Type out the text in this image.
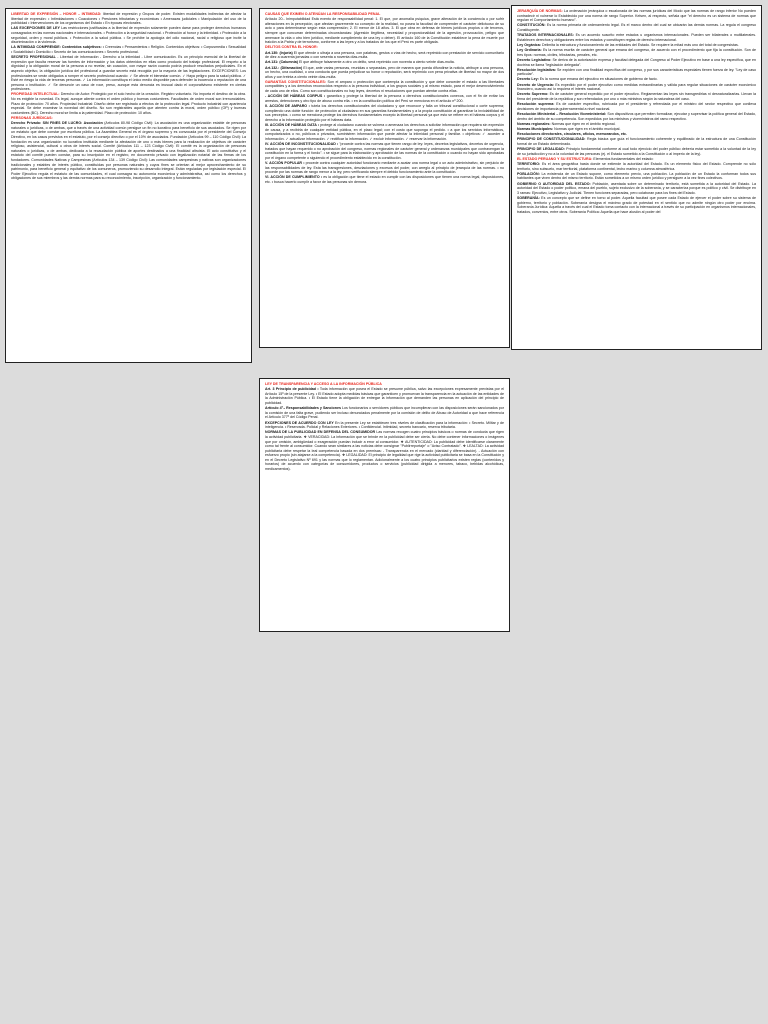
LIBERTAD DE EXPRESIÓN – HONOR – INTIMIDAD: libertad de expresión y Grupos de poder. Existen modalidades indirectas de afectar la libertad de expresión: • Intimidaciones • Coacciones • Presiones tributarias y económicas • Amenazas judiciales • Manipulación del uso de la publicidad • Intervenciones de los organismos del Estado • En épocas electorales.

LAS EXCEPCIONES DE LEY Las restricciones justificadas a la libertad de expresión solamente pueden darse para proteger derechos humanos consagrados en las normas nacionales e internacionales. • Protección a la seguridad nacional. • Protección al honor y la intimidad. • Protección a la seguridad, orden y moral públicos. • Protección a la salud pública. • Se prohíbe la apología del odio nacional, racial o religioso que incite la discriminación o la violencia.

LA INTIMIDAD COMPRENDE: Contenidos subjetivos: • Creencias • Pensamientos • Religión. Contenidos objetivos: • Corpusmedia • Sexualidad • Sociabilidad • Domicilio • Secreto de las comunicaciones • Secreto profesional.

SECRETO PROFESIONAL - Libertad de información - Derecho a la intimidad - Libre comunicación. Es un principio esencial de la libertad de expresión que faculta reservar las fuentes de información y los datos obtenidos en ellas como producto del trabajo profesional. El respeto a la dignidad y la obligación moral de la persona a no revelar, sin coacción, con mayor razón cuando podría producir resultados perjudiciales. En el aspecto objetivo, la obligación jurídica del profesional a guardar secreto está recogida por la mayoría de las legislaciones. EXCEPCIONES: Los profesionales se verán obligados a romper el secreto profesional cuando: ✓ Se afecte el bienestar común. ✓ Haya peligro para la salud pública. ✓ Esté en riesgo la vida de terceras personas. ✓ La información constituya el único medio disponible para defender la inocencia o reputación de una persona o institución. ✓ Se denuncie un caso de roce, preso, aunque esta denuncia es inusual dado el corporativismo existente en ciertas profesiones.

PROPIEDAD INTELECTUAL: Derecho de Autor: Protegido por el solo hecho de la creación. Registro voluntario. No importa el destino de la obra. No es exigible la novedad. Es legal, aunque aliente contra el orden público y buenas costumbres. Facultades de orden moral son irrenunciables. Plazo de protección: 70 años. Propiedad Industrial: Diseño debe ser registrado a efectos de la protección legal. Producto industrial con apariencia especial. Se debe examinar la novedad del diseño. No son registrables aquella que atenten contra la moral, orden público (OP) y buenas costumbres (BC). Derecho moral se limita a la paternidad. Plazo de protección: 10 años.

PERSONAS JURÍDICAS:

Derecho Privado: SIN FINES DE LUCRO: Asociación (Artículos 80-98 Código Civil): La asociación es una organización estable de personas naturales o jurídicas, o de ambas, que a través de una actividad común persigue un fin no lucrativo para beneficio de sus asociados. Se rigen por un estatuto que debe constar por escritura pública. La Asamblea General es el órgano supremo y es convocada por el presidente del Consejo Directivo, en los casos previstos en el estatuto, por el consejo directivo o por el 10% de asociados. Fundación (Artículos 99 – 110 Código Civil): La fundación es una organización no lucrativa instituida mediante la afectación de uno o más bienes para la realización de objetivos de carácter religioso, asistencial, cultural u otros de interés social. Comité (Artículos 111 – 123 Código Civil): El comité es la organización de personas naturales o jurídicas, o de ambas, dedicada a la recaudación pública de aportes destinados a una finalidad altruista. El acto constitutivo y el estatuto del comité pueden constar, para su inscripción en el registro, en documento privado con legalización notarial de las firmas de los fundadores. Comunidades Nativas y Campesinas (Artículos 134 – 139 Código Civil): Las comunidades campesinas y nativas son organizaciones tradicionales y estables de interés público, constituidas por personas naturales y cuyos fines se orientan al mejor aprovechamiento de su patrimonio, para beneficio general y equitativo de los comuneros, promoviendo su desarrollo integral. Están reguladas por legislación especial. El Poder Ejecutivo regula el estatuto de las comunidades, el cual consagra su autonomía económica y administrativa, así como los derechos y obligaciones de sus miembros y las demás normas para su reconocimiento, inscripción, organización y funcionamiento.

CAUSAS QUE EXIMEN O ATENÚAN LA RESPONSABILIDAD PENAL

Artículo 20.- Inimputabilidad Está exento de responsabilidad penal: 1. El que, por anomalía psíquica, grave alteración de la conciencia o por sufrir alteraciones en la percepción, que afectan gravemente su concepto de la realidad, no posea la facultad de comprender el carácter delictuoso de su acto o para determinarse según esta comprensión; 2. El menor de 18 años. 3. El que obra en defensa de bienes jurídicos propios o de terceros, siempre que concurran determinadas circunstancias: (Agresión ilegítima, necesidad y proporcionalidad de la agresión, provocación, peligro que amenace la vida o otro bien jurídico, mediante cumplimiento de una ley o deber). El artículo 160 de la Constitución establece la pena de muerte por traición a la Patria y de terrorismo, conforme a las leyes y a los tratados de los que el Perú es parte obligada.

DELITOS CONTRA EL HONOR:

Art.130: (Injuria) El que ofende o ultraja a una persona, con palabras, gestos o vías de hecho, será reprimido con prestación de servicio comunitario de diez a cuarenta jornadas o con sesenta a noventa días-multa.

Art.131: (Calumnia) El que atribuye falsamente a otro un delito, será reprimido con noventa a ciento veinte días-multa.

Art.132.: (Difamación) El que, ante varias personas, reunidas o separadas, pero de manera que pueda difundirse la noticia, atribuye a una persona, un hecho, una cualidad, o una conducta que pueda perjudicar su honor o reputación, será reprimido con pena privativa de libertad no mayor de dos años y con treinta a ciento veinte días-multa.

GARANTÍAS CONSTITUCIONALES: Son el amparo o protección que contempla la constitución y que debe conceder el estado a las libertades compatibles y a los derechos reconocidos respecto a la persona individual, a los grupos sociales y al mismo estado, para el mejor desenvolvimiento de cada uno de ellos. Como son constitucionales no hay leyes, decretos ni resoluciones que puedan atentar contra ellas.

- ACCIÓN DE HÁBEAS CORPUS • garantiza y protege la libertad de la persona o derechos constitucionales conexos, con el fin de evitar los arrestos, detenciones y otro tipo de abuso contra ella. • en la constitución política del Perú se menciona en el artículo nº 200.

II. ACCIÓN DE AMPARO • tutela los derechos constitucionales del ciudadano y que reconoce y falla un tribunal constitucional o corte suprema; cumpliendo una doble función: de protección al ciudadano en sus garantías fundamentales y a la propia constitución al garantizar la inviolabilidad de sus preceptos. • como se menciona protege los derechos fundamentales excepto la libertad personal ya que esto se refiere en el hábeas corpus y el derecho a la información protegido por el hábeas data.

III. ACCIÓN DE HÁBEAS DATA • protege al ciudadano cuando se vulnera o amenaza los derechos a solicitar información que requiera sin expresión de causa, y a recibirla de cualquier entidad pública, en el plazo legal; con el costo que suponga el pedido. • a que los servicios informáticos, computarizados o no, públicos o privados, suministren información que puede afectar la intimidad personal y familiar. • objetivos: ✓ acceder a información. ✓ actualizar información. ✓ rectificar la información. ✓ excluir información. ✓ reservar la información.

IV. ACCIÓN DE INCONSTITUCIONALIDAD • "procede contra las normas que tienen rango de ley: leyes, decretos legislativos, decretos de urgencia, tratados que hayan requerido o no aprobación del congreso, normas regionales de carácter general y ordenanzas municipales que contravengan la constitución en la forma y el fondo". • se sigue para la elaboración y aprobación de las normas de la constitución o cuando no hayan sido aprobadas por el órgano competente o siguiendo el procedimiento establecido en la constitución.

V. ACCIÓN POPULAR • procede contra cualquier autoridad funcionario mediante a acatar una norma legal o un acto administrativo, sin perjuicio de las responsabilidades de ley. Esta las transgresiones, desviaciones y excesos del poder, con arreglo al principio de jerarquía de las normas. • no procede por las normas de rango menor a la ley, pero verificando siempre el debido funcionamiento ante la constitución.

VI. ACCIÓN DE CUMPLIMIENTO • es la obligación que tiene el estado en cumplir con las disposiciones que tienen una norma legal, disposiciones, etc. • busca hacerlo cumplir a favor de las personas sin demora.

LEY DE TRANSPARENCIA Y ACCESO A LA INFORMACIÓN PÚBLICA

Art. 3 Principio de publicidad • Toda información que posea el Estado se presume pública, salvo las excepciones expresamente previstas por el Artículo 15º de la presente Ley. • El Estado adopta medidas básicas que garanticen y promuevan la transparencia en la actuación de las entidades de la Administración Pública. • El Estado tiene la obligación de entregar la información que demanden las personas en aplicación del principio de publicidad.

Artículo 4º.- Responsabilidades y Sanciones Los funcionarios o servidores públicos que incumplieran con las disposiciones serán sancionados por la comisión de una falta grave, pudiendo ser incluso denunciados penalmente por la comisión de delito de Abuso de Autoridad a que hace referencia el Artículo 377º del Código Penal.

EXCEPCIONES DE ACUERDO CON LEY En la presente Ley se establecen tres niveles de clasificación para la información: • Secreto. Militar y de inteligencia. • Reservada. Policial y Relaciones Exteriores. • Confidencial. Intimidad, secreto bancario, reserva tributaria.

NORMAS DE LA PUBLICIDAD EN DEFENSA DEL CONSUMIDOR Las normas recogen cuatro principios básicos o normas de conducta que rigen la actividad publicitaria. ❖ VERACIDAD: La información que se brinde en la publicidad debe ser cierta. No debe contener informaciones o imágenes que por omisión, ambigüedad o exageración puedan inducir a error al consumidor. ❖ AUTENTICIDAD: La publicidad debe identificarse claramente como tal frente al consumidor. Cuando sean similares a las noticias debe consignar "Publirreportaje" o "Aviso Contratado". ❖ LEALTAD: La actividad publicitaria debe respetar la leal competencia basada en dos premisas: - Transparencia en el mercado (claridad y diferenciación). - Actuación con esfuerzo propio (sin atajarse a la competencia). ❖ LEGALIDAD: El principio de legalidad que rige la actividad publicitaria se basa en la Constitución y en el Decreto Legislativo Nº 691 y las normas que lo reglamentan. Adicionalmente a los cuatro principios publicitarios existen reglas (contenidos y horarios) de acuerdo con categorías de consumidores, productos o servicios (publicidad dirigida a menores, tabaco, bebidas alcohólicas, medicamentos).

JERARQUÍA DE NORMAS: La ordenación jerárquica o escalonada de las normas jurídicas del Modo que las normas de rango inferior No pueden contradecir ni vulnerar lo Establecido por una norma de rango Superior. Kelsen, al respecto, señala que "el derecho es un sistema de normas que regulan el Comportamiento humano".

CONSTITUCIÓN: Es la norma primaria de ordenamiento legal. Es el marco dentro del cual se ubicarán las demás normas. La regula el congreso Constituyente.

TRATADOS INTERNACIONALES: Es un acuerdo suscrito entre estados u organismos internacionales. Pueden ser bilaterales o multilaterales. Establecen derechos y obligaciones entre los estados y constituyen reglas de derecho internacional.

Ley Orgánica: Delimita la estructura y funcionamiento de las entidades del Estado. Se requiere la mitad más uno del total de congresistas.

Ley Ordinaria: Es la norma escrita de carácter general que emana del congreso, de acuerdo con el procedimiento que fija la constitución. Son de tres tipos: normas, civiles, tributarias, penales, etc.

Decreto Legislativo: Se deriva de la autorización expresa y facultad delegada del Congreso al Poder Ejecutivo en base a una ley específica, que en doctrina se llama "legislación delegada".

Resolución legislativa: Se expiden con una finalidad específica del congreso, y por sus características especiales tienen fuerza de ley. "Ley de caso particular".

Decreto Ley: Es la norma que emana del ejecutivo en situaciones de gobierno de facto.

Decreto de Urgencia: Es expedido por el poder ejecutivo como medidas extraordinarias y válida para regular situaciones de carácter económico financiero, cuando así lo requiera el interés nacional.

Decreto Supremo: Es de carácter general expedido por el poder ejecutivo. Reglamentan las leyes sin transgredirlas ni desnaturalizarlas. Llevan la firma del presidente de la república y son refrendados por uno o más ministros según la naturaleza del caso.

Resolución suprema: Es de carácter específico, rubricada por el presidente y refrendada por el ministro del sector respectivo que conlleva decisiones de importancia gubernamental a nivel nacional.

Resolución Ministerial – Resolución Viceministerial: Son dispositivos que permiten formalizar, ejecutar y supervisar la política general del Estado, dentro del ámbito de su competencia. Son expedidos por los ministros y viceministros del ramo respectivo.

Normas regionales: Normas que rigen en el ámbito regional.

Normas Municipales: Normas que rigen en el ámbito municipal.

Resoluciones directorales, circulares, oficios, memorandos, etc.

PRINCIPIO DE CONSTITUCIONALIDAD: Regla básica que guía el funcionamiento coherente y equilibrado de la estructura de una Constitución formal de un Estado determinado.

PRINCIPIO DE LEGALIDAD: Principio fundamental conforme al cual todo ejercicio del poder público debería estar sometido a la voluntad de la ley de su jurisdicción y no a la voluntad de las personas (ej. el Estado sometido a la Constitución o al imperio de la ley).

EL ESTADO PERUANO Y SU ESTRUCTURA: Elementos fundamentales del estado:

TERRITORIO: Es el área geográfica hasta donde se extiende la autoridad del Estado. Es un elemento físico del Estado. Comprende no sólo territorio, sino subsuelo, mar territorial, plataforma continental, lecho marino y columna atmosférica.

POBLACIÓN: La existencia de un Estado supone, como elemento previo, una población. La población de un Estado la conforman todos sus habitantes que viven dentro del mismo territorio. Están sometidos a un mismo orden jurídico y persiguen a la vez fines colectivos.

GOBIERNO O AUTORIDAD DEL ESTADO: Población, asentada sobre un determinado territorio, está sometida a la autoridad del Estado. La autoridad del Estado o poder político, emana del pueblo, sujeto exclusivo de la soberanía, y se caracteriza porque es político y civil. Se distribuye en 3 ramas: Ejecutivo, Legislativo y Judicial. Tienen funciones separadas, pero colaboran para los fines del Estado.

SOBERANÍA: Es un concepto que se define en torno al poder. Aquella facultad que posee cada Estado de ejercer el poder sobre su sistema de gobierno, territorio y población. Soberanía designa el máximo grado de potestad en el sentido que no admite ningún otro poder por encima. Soberanía Jurídica: Aquella a través del cual el Estado toma contacto con la internacional a través de su participación en organismos internacionales, tratados, convenios, entre otros. Soberanía Política: Aquella que hace alusión al poder del
